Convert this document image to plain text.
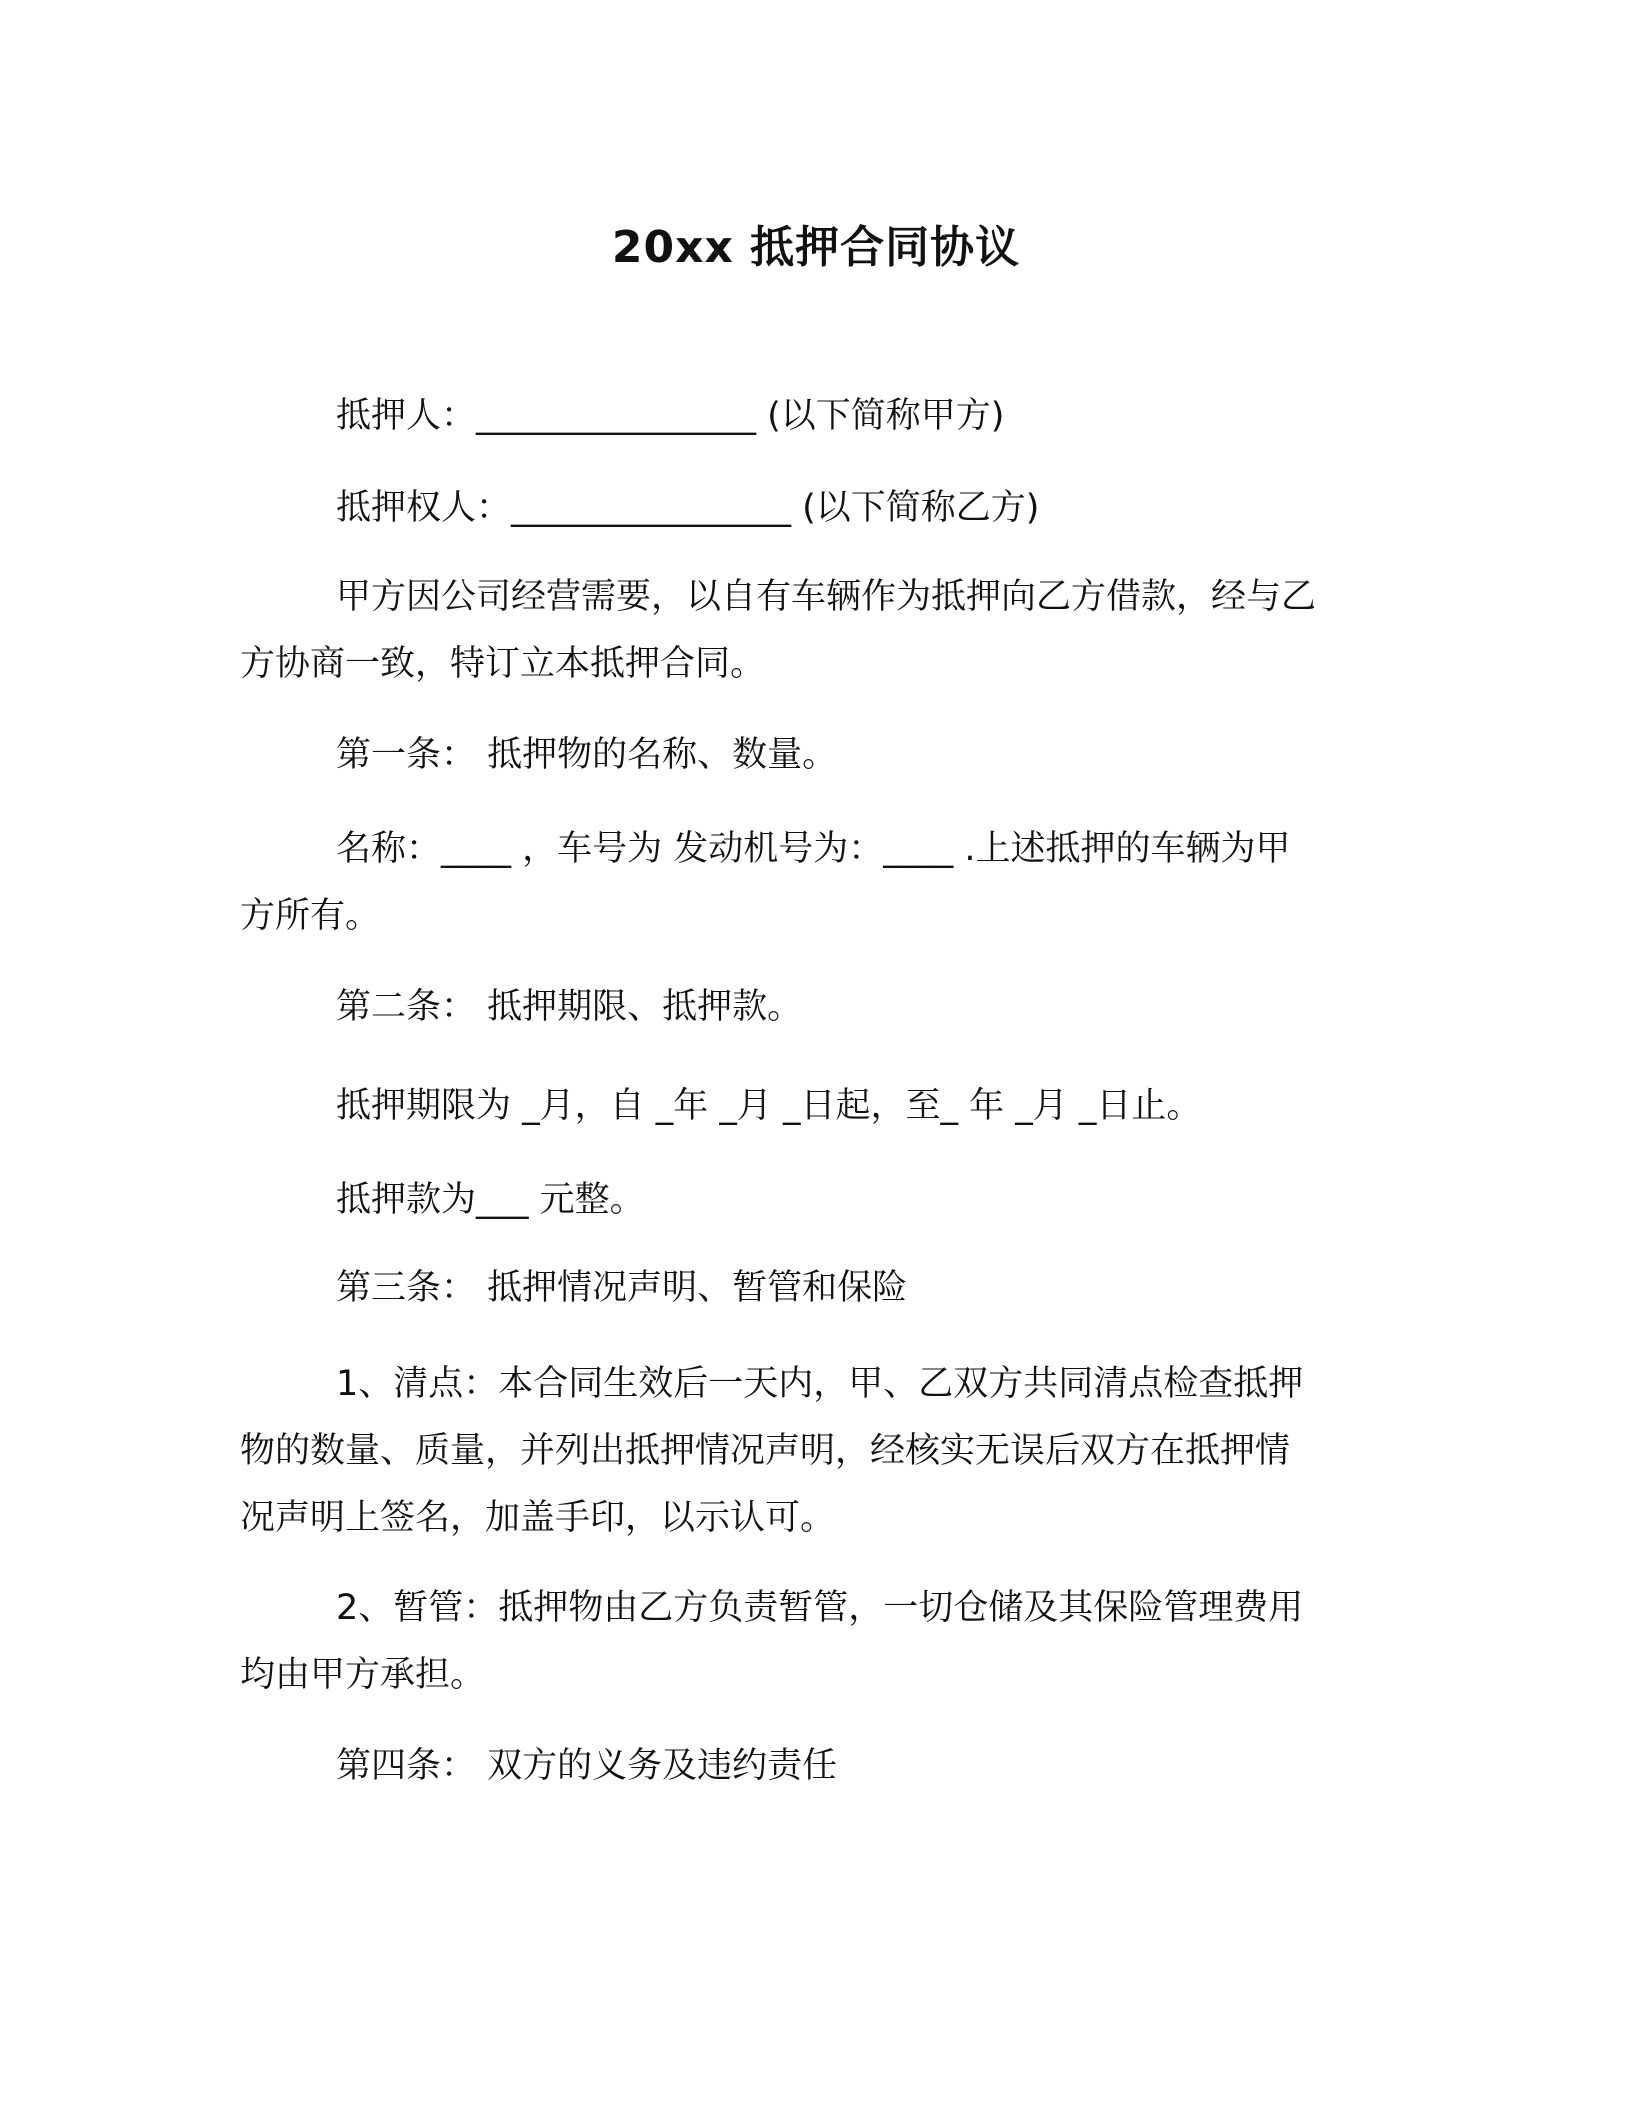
20xx 抵押合同协议
抵押人：________________ (以下简称甲方)
抵押权人：________________ (以下简称乙方)
甲方因公司经营需要，以自有车辆作为抵押向乙方借款，经与乙
方协商一致，特订立本抵押合同。
第一条： 抵押物的名称、数量。
名称：____ ，车号为 发动机号为：____ .上述抵押的车辆为甲
方所有。
第二条： 抵押期限、抵押款。
抵押期限为 _月，自 _年 _月 _日起，至_ 年 _月 _日止。
抵押款为___ 元整。
第三条： 抵押情况声明、暂管和保险
1、清点：本合同生效后一天内，甲、乙双方共同清点检查抵押
物的数量、质量，并列出抵押情况声明，经核实无误后双方在抵押情
况声明上签名，加盖手印，以示认可。
2、暂管：抵押物由乙方负责暂管，一切仓储及其保险管理费用
均由甲方承担。
第四条： 双方的义务及违约责任
